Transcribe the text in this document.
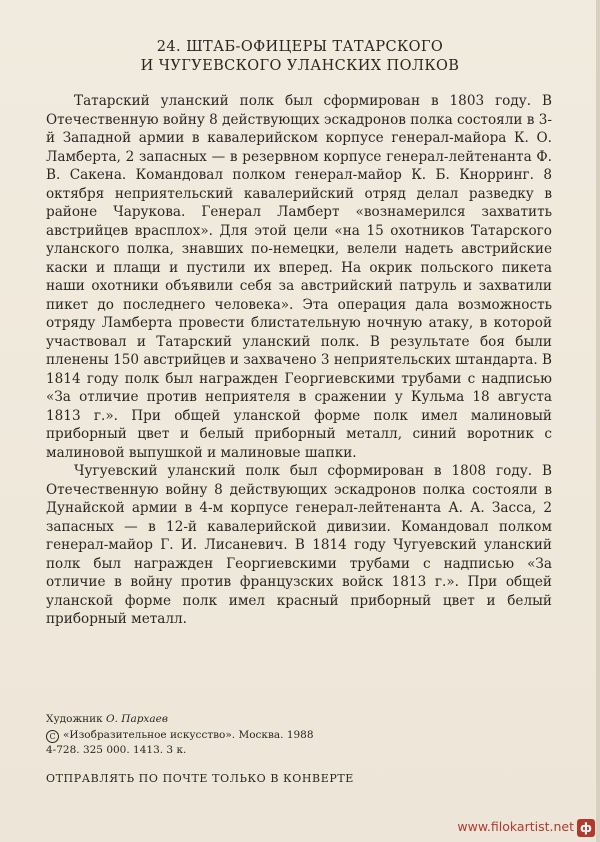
24. ШТАБ-ОФИЦЕРЫ ТАТАРСКОГО
И ЧУГУЕВСКОГО УЛАНСКИХ ПОЛКОВ

Татарский уланский полк был сформирован в 1803 году. В Отечественную войну 8 действующих эскадронов полка состояли в 3-й Западной армии в кавалерийском корпусе генерал-майора К. О. Ламберта, 2 запасных — в резервном корпусе генерал-лейтенанта Ф. В. Сакена. Командовал полком генерал-майор К. Б. Кнорринг. 8 октября неприятельский кавалерийский отряд делал разведку в районе Чарукова. Генерал Ламберт «вознамерился захватить австрийцев врасплох». Для этой цели «на 15 охотников Татарского уланского полка, знавших по-немецки, велели надеть австрийские каски и плащи и пустили их вперед. На окрик польского пикета наши охотники объявили себя за австрийский патруль и захватили пикет до последнего человека». Эта операция дала возможность отряду Ламберта провести блистательную ночную атаку, в которой участвовал и Татарский уланский полк. В результате боя были пленены 150 австрийцев и захвачено 3 неприятельских штандарта. В 1814 году полк был награжден Георгиевскими трубами с надписью «За отличие против неприятеля в сражении у Кульма 18 августа 1813 г.». При общей уланской форме полк имел малиновый приборный цвет и белый приборный металл, синий воротник с малиновой выпушкой и малиновые шапки.

Чугуевский уланский полк был сформирован в 1808 году. В Отечественную войну 8 действующих эскадронов полка состояли в Дунайской армии в 4-м корпусе генерал-лейтенанта А. А. Засса, 2 запасных — в 12-й кавалерийской дивизии. Командовал полком генерал-майор Г. И. Лисаневич. В 1814 году Чугуевский уланский полк был награжден Георгиевскими трубами с надписью «За отличие в войну против французских войск 1813 г.». При общей уланской форме полк имел красный приборный цвет и белый приборный металл.

Художник О. Пархаев
C «Изобразительное искусство». Москва. 1988
4-728. 325 000. 1413. 3 к.
ОТПРАВЛЯТЬ ПО ПОЧТЕ ТОЛЬКО В КОНВЕРТЕ
www.filokartist.net ф
